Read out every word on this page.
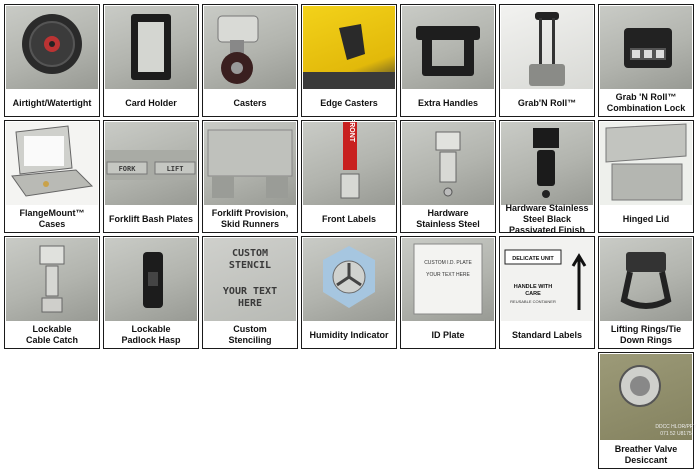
Airtight/Watertight	Card Holder	Casters	Edge Casters	Extra Handles	Grab'N Roll™
Grab 'N Roll™
Combination Lock
FlangeMount™ Cases
FORK	LIFT
Forklift Bash Plates
Forklift Provision,
Skid Runners
FRONT
Front Labels
Hardware
Stainless Steel
Hardware Stainless
Steel Black
Passivated Finish
Hinged Lid
Lockable
Cable Catch
Lockable
Padlock Hasp
CUSTOM
STENCIL
YOUR TEXT
HERE
Custom
Stenciling
Humidity Indicator
CUSTOM I.D. PLATE
YOUR TEXT HERE
ID Plate
DELICATE UNIT
HANDLE WITH
CARE
REUSABLE CONTAINER
Standard Labels
Lifting Rings/Tie
Down Rings
DDCC HLOR/PRY
071 52 U8175
Breather Valve
Desiccant
